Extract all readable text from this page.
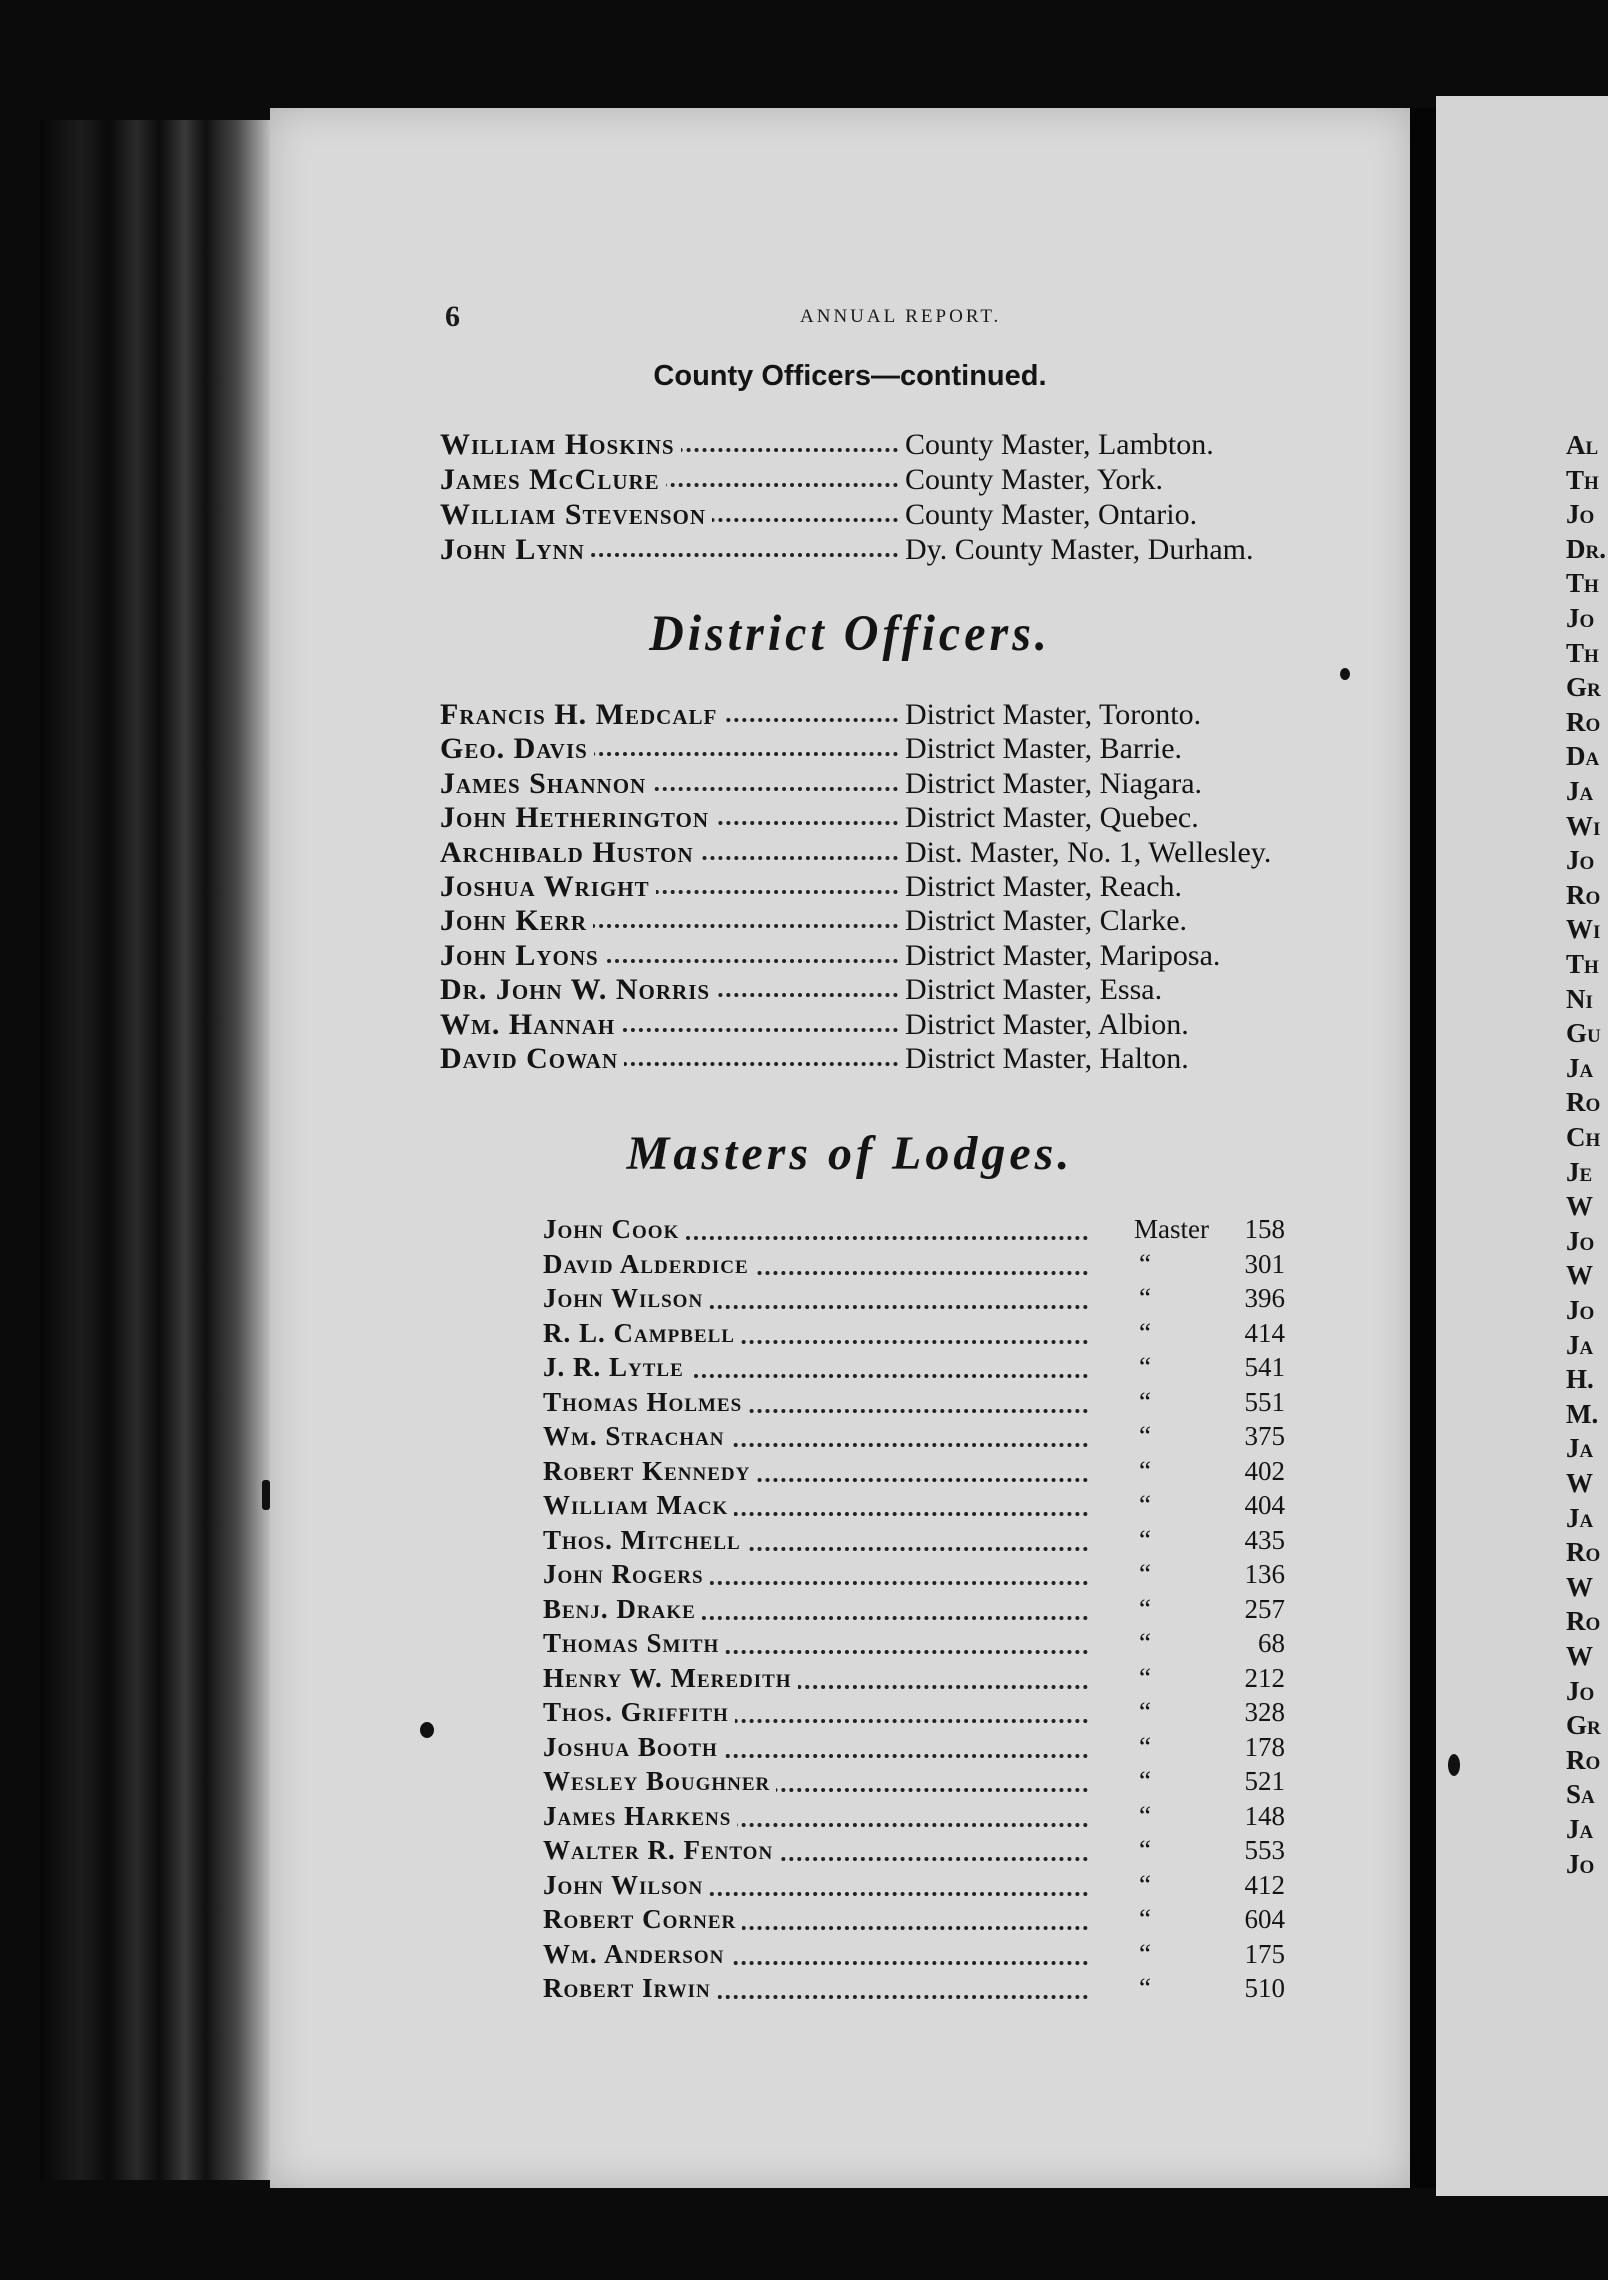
Al
Th
Jo
Dr.
Th
Jo
Th
Gr
Ro
Da
Ja
Wi
Jo
Ro
Wi
Th
Ni
Gu
Ja
Ro
Ch
Je
W
Jo
W
Jo
Ja
H.
M.
Ja
W
Ja
Ro
W
Ro
W
Jo
Gr
Ro
Sa
Ja
Jo
6	ANNUAL REPORT.
County Officers—continued.
William Hoskins	County Master, Lambton.
James McClure	County Master, York.
William Stevenson	County Master, Ontario.
John Lynn	Dy. County Master, Durham.
District Officers.
Francis H. Medcalf	District Master, Toronto.
Geo. Davis	District Master, Barrie.
James Shannon	District Master, Niagara.
John Hetherington	District Master, Quebec.
Archibald Huston	Dist. Master, No. 1, Wellesley.
Joshua Wright	District Master, Reach.
John Kerr	District Master, Clarke.
John Lyons	District Master, Mariposa.
Dr. John W. Norris	District Master, Essa.
Wm. Hannah	District Master, Albion.
David Cowan	District Master, Halton.
Masters of Lodges.
John Cook	Master	158
David Alderdice	“	301
John Wilson	“	396
R. L. Campbell	“	414
J. R. Lytle	“	541
Thomas Holmes	“	551
Wm. Strachan	“	375
Robert Kennedy	“	402
William Mack	“	404
Thos. Mitchell	“	435
John Rogers	“	136
Benj. Drake	“	257
Thomas Smith	“	68
Henry W. Meredith	“	212
Thos. Griffith	“	328
Joshua Booth	“	178
Wesley Boughner	“	521
James Harkens	“	148
Walter R. Fenton	“	553
John Wilson	“	412
Robert Corner	“	604
Wm. Anderson	“	175
Robert Irwin	“	510
